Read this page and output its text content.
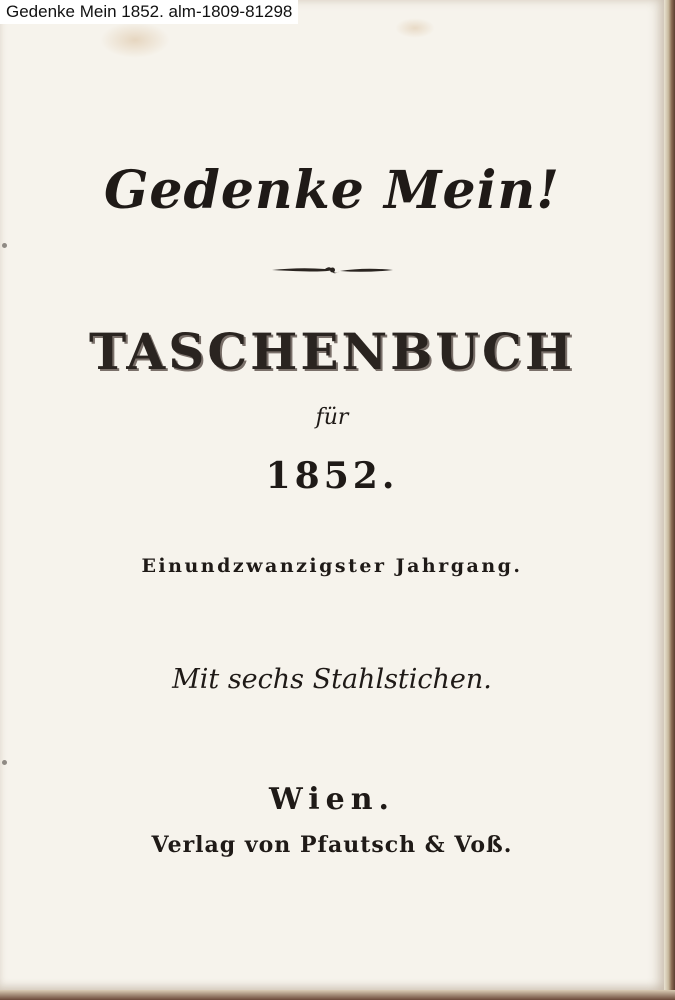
Gedenke Mein!
TASCHENBUCH
für
1852.
Einundzwanzigster Jahrgang.
Mit sechs Stahlstichen.
Wien.
Verlag von Pfautsch & Voß.
Gedenke Mein 1852. alm-1809-81298
